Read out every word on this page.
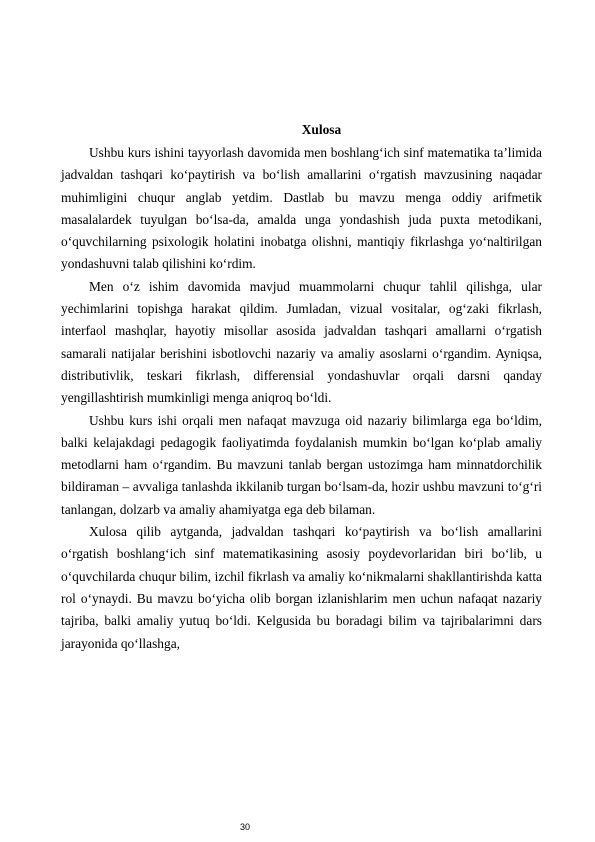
Xulosa

Ushbu kurs ishini tayyorlash davomida men boshlang‘ich sinf matematika ta’limida jadvaldan tashqari ko‘paytirish va bo‘lish amallarini o‘rgatish mavzusining naqadar muhimligini chuqur anglab yetdim. Dastlab bu mavzu menga oddiy arifmetik masalalardek tuyulgan bo‘lsa-da, amalda unga yondashish juda puxta metodikani, o‘quvchilarning psixologik holatini inobatga olishni, mantiqiy fikrlashga yo‘naltirilgan yondashuvni talab qilishini ko‘rdim.

Men o‘z ishim davomida mavjud muammolarni chuqur tahlil qilishga, ular yechimlarini topishga harakat qildim. Jumladan, vizual vositalar, og‘zaki fikrlash, interfaol mashqlar, hayotiy misollar asosida jadvaldan tashqari amallarni o‘rgatish samarali natijalar berishini isbotlovchi nazariy va amaliy asoslarni o‘rgandim. Ayniqsa, distributivlik, teskari fikrlash, differensial yondashuvlar orqali darsni qanday yengillashtirish mumkinligi menga aniqroq bo‘ldi.

Ushbu kurs ishi orqali men nafaqat mavzuga oid nazariy bilimlarga ega bo‘ldim, balki kelajakdagi pedagogik faoliyatimda foydalanish mumkin bo‘lgan ko‘plab amaliy metodlarni ham o‘rgandim. Bu mavzuni tanlab bergan ustozimga ham minnatdorchilik bildiraman – avvaliga tanlashda ikkilanib turgan bo‘lsam-da, hozir ushbu mavzuni to‘g‘ri tanlangan, dolzarb va amaliy ahamiyatga ega deb bilaman.

Xulosa qilib aytganda, jadvaldan tashqari ko‘paytirish va bo‘lish amallarini o‘rgatish boshlang‘ich sinf matematikasining asosiy poydevorlaridan biri bo‘lib, u o‘quvchilarda chuqur bilim, izchil fikrlash va amaliy ko‘nikmalarni shakllantirishda katta rol o‘ynaydi. Bu mavzu bo‘yicha olib borgan izlanishlarim men uchun nafaqat nazariy tajriba, balki amaliy yutuq bo‘ldi. Kelgusida bu boradagi bilim va tajribalarimni dars jarayonida qo‘llashga,

30
